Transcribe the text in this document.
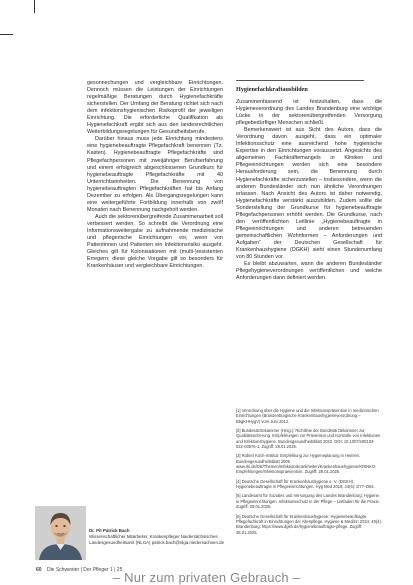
gesonnechungen und vergleichbare Einrichtungen. Dennoch müssen die Leistungen der Einrichtungen regelmäßige Beratungen durch Hygienefachkräfte sicherstellen. Der Umfang der Beratung richtet sich nach dem infektionshygienischen Risikoprofil der jeweiligen Einrichtung. Die erforderliche Qualifikation als Hygienefachkraft ergibt sich aus den landesrechtlichen Weiterbildungsregelungen für Gesundheitsberufe.

Darüber hinaus muss jede Einrichtung mindestens eine hygienebeauftragte Pflegefachkraft benennen (Tz. Kasten). Hygienebeauftragte Pflegefachkräfte sind Pflegefachpersonen mit zweijähriger Berufserfahrung und einem erfolgreich abgeschlossenen Grundkurs für hygienebeauftragte Pflegefachkräfte mit 40 Unterrichtseinheiten. Die Benennung von hygienebeauftragten Pflegefachkräften hat bis Anfang Dezember zu erfolgen. Als Übergangsregelungen kann eine weitergeführte Fortbildung innerhalb von zwölf Monaten nach Benennung nachgeholt werden.

Auch die sektorenübergreifende Zusammenarbeit soll verbessert werden. So schreibt die Verordnung eine Informationsweitergabe zu aufnahmende medizinische und pflegerische Einrichtungen vor, wenn von Patientinnen und Patienten ein Infektionsrisiko ausgeht. Gleiches gilt für Kolonisationen mit (multi-)resistenten Erregern; diese gleiche Vorgabe gilt so besonders für Krankenhäuser und vergleichbare Einrichtungen.

Hygienefachkraftausbilden

Zusammenfassend ist festzuhalten, dass die Hygieneverordnung des Landes Brandenburg eine wichtige Lücke in der sektorenübergreifenden Versorgung pflegebedürftiger Menschen schließt.

Bemerkenswert ist aus Sicht des Autors, dass die Verordnung davon ausgeht, dass ein optimaler Infektionsschutz eine ausreichend hohe hygienische Expertise in den Einrichtungen voraussetzt. Angesichts des allgemeinen Fachkräftemangels in Kliniken und Pflegeeinrichtungen werden sich eine besondere Herausforderung sein, die Benennung durch Hygienefachkräfte sicherzustellen – insbesondere, wenn die anderen Bundesländer sich nun ähnliche Verordnungen erlassen. Nach Ansicht des Autors ist daher notwendig, Hygienefachkräfte verstärkt auszubilden. Zudem sollte die Sonderstellung der Grundkurse für hygienebeauftragte Pflegefachpersonen erhöht werden. Die Grundkurse, nach den veröffentlichten Leitlinie „Hygienebeauftragte in Pflegeeinrichtungen und anderen betreuenden gemeinschaftlichen Wohnformen – Anforderungen und Aufgaben“ der Deutschen Gesellschaft für Krankenhaushygiene (DGKH) sieht einen Stundenumfang von 80 Stunden vor.

Es bleibt abzuwarten, wann die anderen Bundesländer Pflegehygieneverordnungen veröffentlichen und welche Anforderungen dann definiert werden.

[1] Verordnung über die Hygiene und die Infektionsprävention in medizinischen Einrichtungen (Brandenburgische Krankenhaushygieneverordnung – BbgKHHygV) vom Juni 2012.

[2] Bundesärztekammer (Hrsg.): Richtlinie der Bundesärztekammer zur Qualitätssicherung. Empfehlungen zur Prävention und Kontrolle von Infektionen und Infektionshygiene. Bundesgesundheitsblatt 2022. DOI: 10.1007/s00103-022-03576-1. Zugriff: 28.01.2025.

[3] Robert Koch-Institut: Empfehlung zur Hygieneplanung in Heimen. Bundesgesundheitsblatt 2005. www.rki.de/DE/Themen/Infektionskrankheiten/Krankenhaushygiene/KRINKO-Empfehlungen/Infektionspraevention. Zugriff: 28.01.2025.

[4] Deutsche Gesellschaft für Krankenhaushygiene e. V. (DGKH): Hygienebeauftragte in Pflegeeinrichtungen. Hyg Med 2019; 44(6): D77–D84.

[5] Landesamt für Soziales und Versorgung des Landes Brandenburg: Hygiene in Pflegeeinrichtungen. Infektionsschutz in der Pflege – Leitfaden für die Praxis. Zugriff: 28.01.2025.

[6] Deutsche Gesellschaft für Krankenhaushygiene: Hygienebeauftragte Pflegefachkraft in Einrichtungen der Altenpflege. Hygiene & Medizin 2024; 49(4). Brandenburg: https://www.dgkh.de/hygienebeauftragte-pflege. Zugriff: 28.01.2025.

Dr. Pit Patrick Bach
Wissenschaftlicher Mitarbeiter, Krankenpfleger Niedersächsisches Landesgesundheitsamt (NLGA) patrick.bach@nlga.niedersachsen.de
60 Die Schwester | Der Pfleger 1 | 25
– Nur zum privaten Gebrauch –
